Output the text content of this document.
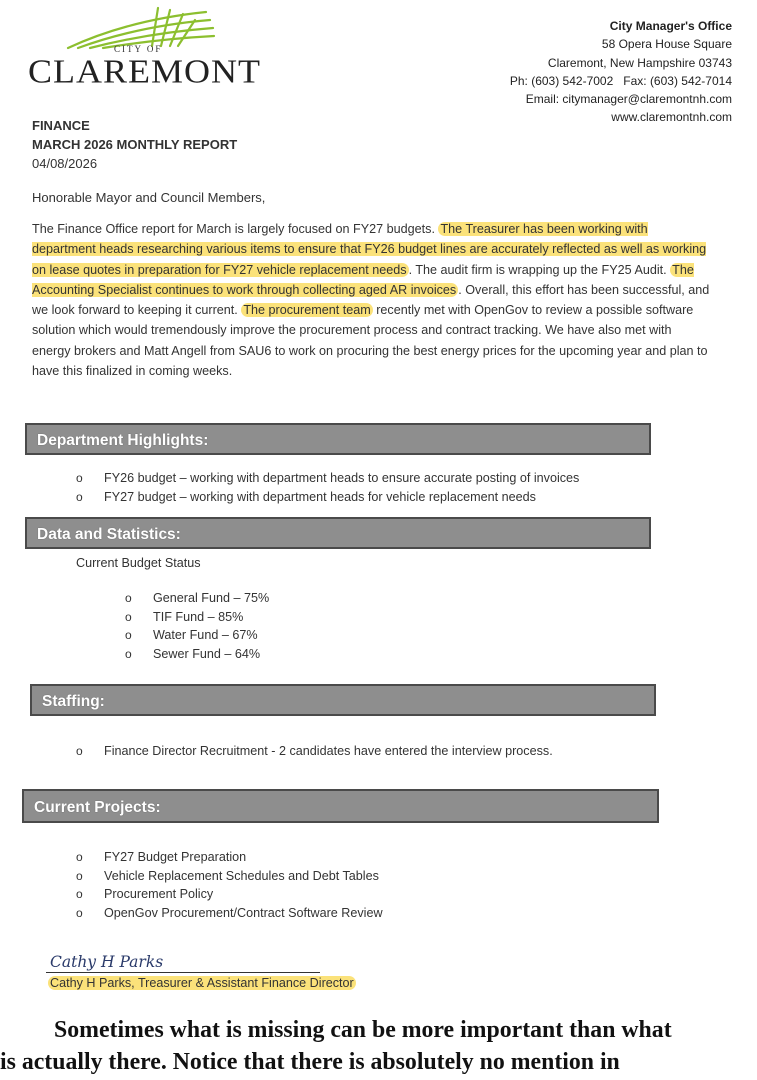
CITY OF
CLAREMONT
City Manager's Office
58 Opera House Square
Claremont, New Hampshire 03743
Ph: (603) 542-7002   Fax: (603) 542-7014
Email: citymanager@claremontnh.com
www.claremontnh.com
FINANCE
MARCH 2026 MONTHLY REPORT
04/08/2026
Honorable Mayor and Council Members,

The Finance Office report for March is largely focused on FY27 budgets. The Treasurer has been working with department heads researching various items to ensure that FY26 budget lines are accurately reflected as well as working on lease quotes in preparation for FY27 vehicle replacement needs . The audit firm is wrapping up the FY25 Audit. The Accounting Specialist continues to work through collecting aged AR invoices . Overall, this effort has been successful, and we look forward to keeping it current. The procurement team recently met with OpenGov to review a possible software solution which would tremendously improve the procurement process and contract tracking. We have also met with energy brokers and Matt Angell from SAU6 to work on procuring the best energy prices for the upcoming year and plan to have this finalized in coming weeks.

Department Highlights:
o FY26 budget – working with department heads to ensure accurate posting of invoices
o FY27 budget – working with department heads for vehicle replacement needs
Data and Statistics:
Current Budget Status
o General Fund – 75%
o TIF Fund – 85%
o Water Fund – 67%
o Sewer Fund – 64%
Staffing:
o Finance Director Recruitment - 2 candidates have entered the interview process.
Current Projects:
o FY27 Budget Preparation
o Vehicle Replacement Schedules and Debt Tables
o Procurement Policy
o OpenGov Procurement/Contract Software Review
Cathy H Parks
Cathy H Parks, Treasurer & Assistant Finance Director

Sometimes what is missing can be more important than what
is actually there. Notice that there is absolutely no mention in
